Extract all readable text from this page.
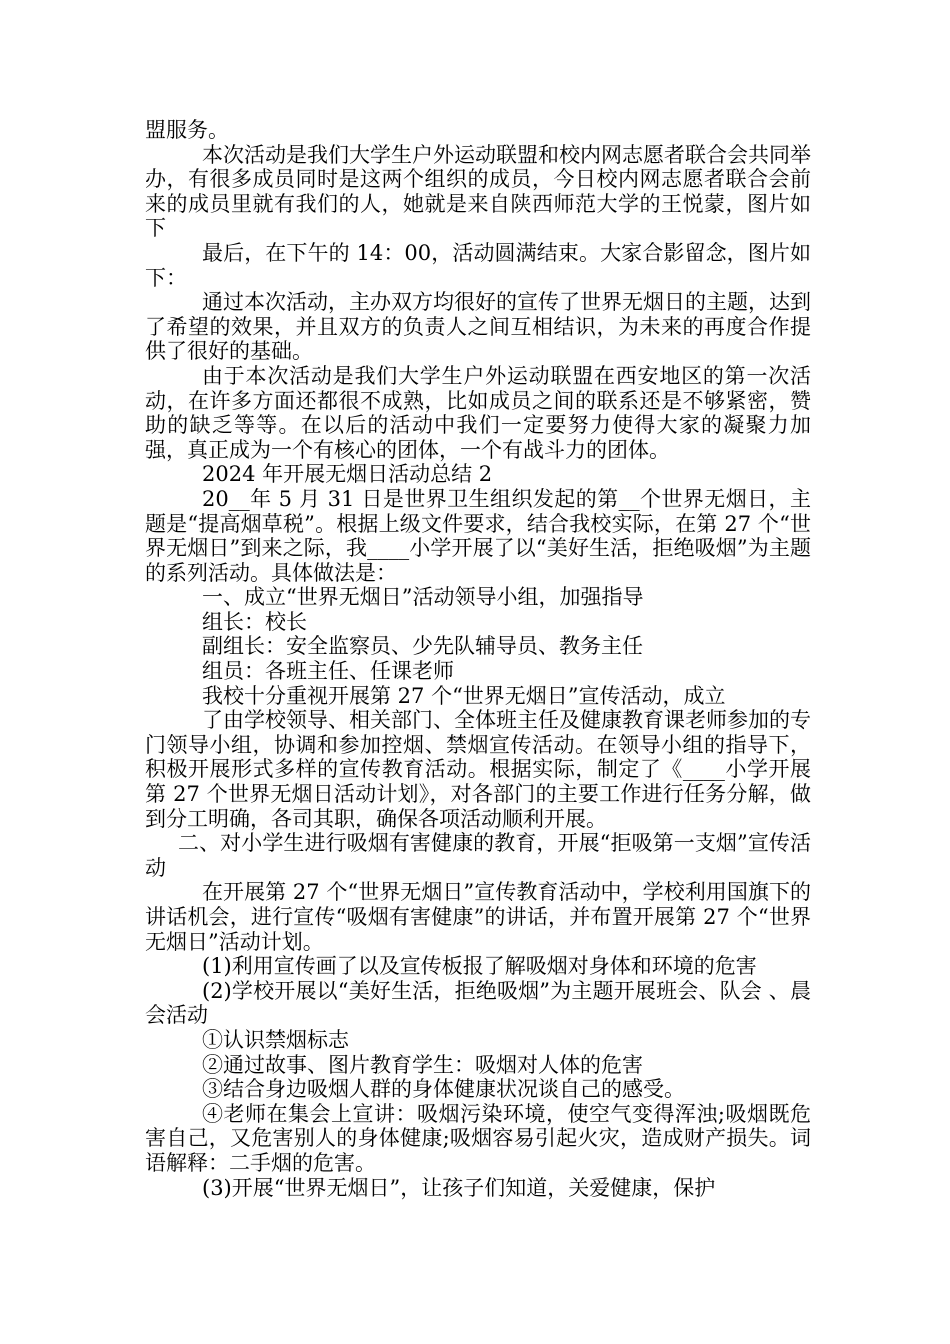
盟服务。

本次活动是我们大学生户外运动联盟和校内网志愿者联合会共同举办，有很多成员同时是这两个组织的成员，今日校内网志愿者联合会前来的成员里就有我们的人，她就是来自陕西师范大学的王悦蒙，图片如下

最后，在下午的 14：00，活动圆满结束。大家合影留念，图片如下：

通过本次活动，主办双方均很好的宣传了世界无烟日的主题，达到了希望的效果，并且双方的负责人之间互相结识，为未来的再度合作提供了很好的基础。

由于本次活动是我们大学生户外运动联盟在西安地区的第一次活动，在许多方面还都很不成熟，比如成员之间的联系还是不够紧密，赞助的缺乏等等。在以后的活动中我们一定要努力使得大家的凝聚力加强，真正成为一个有核心的团体，一个有战斗力的团体。

2024 年开展无烟日活动总结 2

20__年 5 月 31 日是世界卫生组织发起的第__个世界无烟日，主题是“提高烟草税”。根据上级文件要求，结合我校实际，在第 27 个“世界无烟日”到来之际，我____小学开展了以“美好生活，拒绝吸烟”为主题的系列活动。具体做法是：

一、成立“世界无烟日”活动领导小组，加强指导

组长：校长

副组长：安全监察员、少先队辅导员、教务主任

组员：各班主任、任课老师

我校十分重视开展第 27 个“世界无烟日”宣传活动，成立

了由学校领导、相关部门、全体班主任及健康教育课老师参加的专门领导小组，协调和参加控烟、禁烟宣传活动。在领导小组的指导下，积极开展形式多样的宣传教育活动。根据实际，制定了《____小学开展第 27 个世界无烟日活动计划》，对各部门的主要工作进行任务分解，做到分工明确，各司其职，确保各项活动顺利开展。

二、对小学生进行吸烟有害健康的教育，开展“拒吸第一支烟”宣传活动

在开展第 27 个“世界无烟日”宣传教育活动中，学校利用国旗下的讲话机会，进行宣传“吸烟有害健康”的讲话，并布置开展第 27 个“世界无烟日”活动计划。

(1)利用宣传画了以及宣传板报了解吸烟对身体和环境的危害

(2)学校开展以“美好生活，拒绝吸烟”为主题开展班会、队会 、晨会活动

①认识禁烟标志

②通过故事、图片教育学生：吸烟对人体的危害

③结合身边吸烟人群的身体健康状况谈自己的感受。

④老师在集会上宣讲：吸烟污染环境，使空气变得浑浊;吸烟既危害自己，又危害别人的身体健康;吸烟容易引起火灾，造成财产损失。词语解释：二手烟的危害。

(3)开展“世界无烟日”，让孩子们知道，关爱健康，保护
